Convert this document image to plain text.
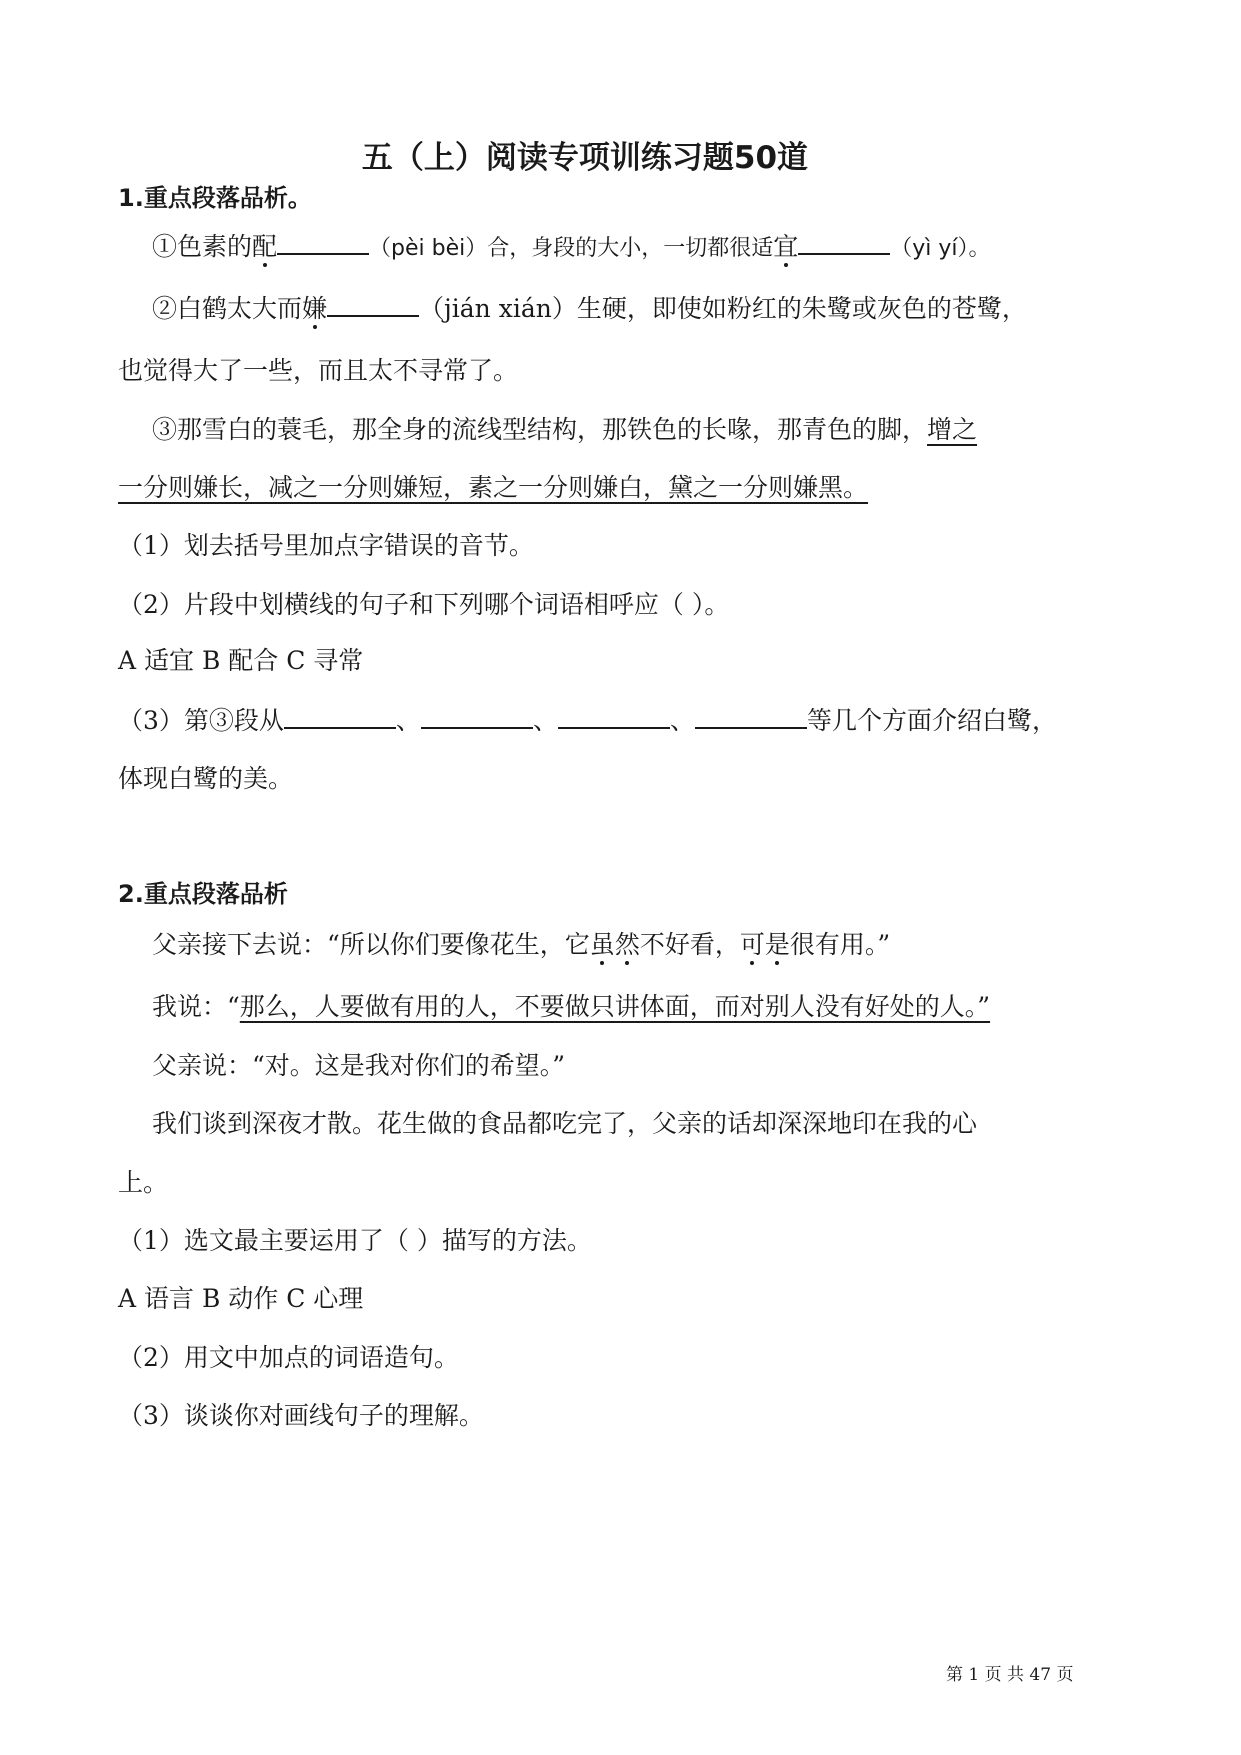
五（上）阅读专项训练习题50道
1.重点段落品析。
①色素的配	（pèi bèi）合，身段的大小，一切都很适宜	（yì yí）。
②白鹤太大而嫌	（jián xián）生硬，即使如粉红的朱鹭或灰色的苍鹭，
也觉得大了一些，而且太不寻常了。
③那雪白的蓑毛，那全身的流线型结构，那铁色的长喙，那青色的脚，增之
一分则嫌长，减之一分则嫌短，素之一分则嫌白，黛之一分则嫌黑。
（1）划去括号里加点字错误的音节。
（2）片段中划横线的句子和下列哪个词语相呼应（ ）。
A 适宜 B 配合 C 寻常
（3）第③段从	、	、	、	等几个方面介绍白鹭，
体现白鹭的美。
2.重点段落品析
父亲接下去说：“所以你们要像花生，它虽然不好看，可是很有用。”
我说：“那么，人要做有用的人，不要做只讲体面，而对别人没有好处的人。”
父亲说：“对。这是我对你们的希望。”
我们谈到深夜才散。花生做的食品都吃完了，父亲的话却深深地印在我的心
上。
（1）选文最主要运用了（ ）描写的方法。
A 语言 B 动作 C 心理
（2）用文中加点的词语造句。
（3）谈谈你对画线句子的理解。
第 1 页 共 47 页
